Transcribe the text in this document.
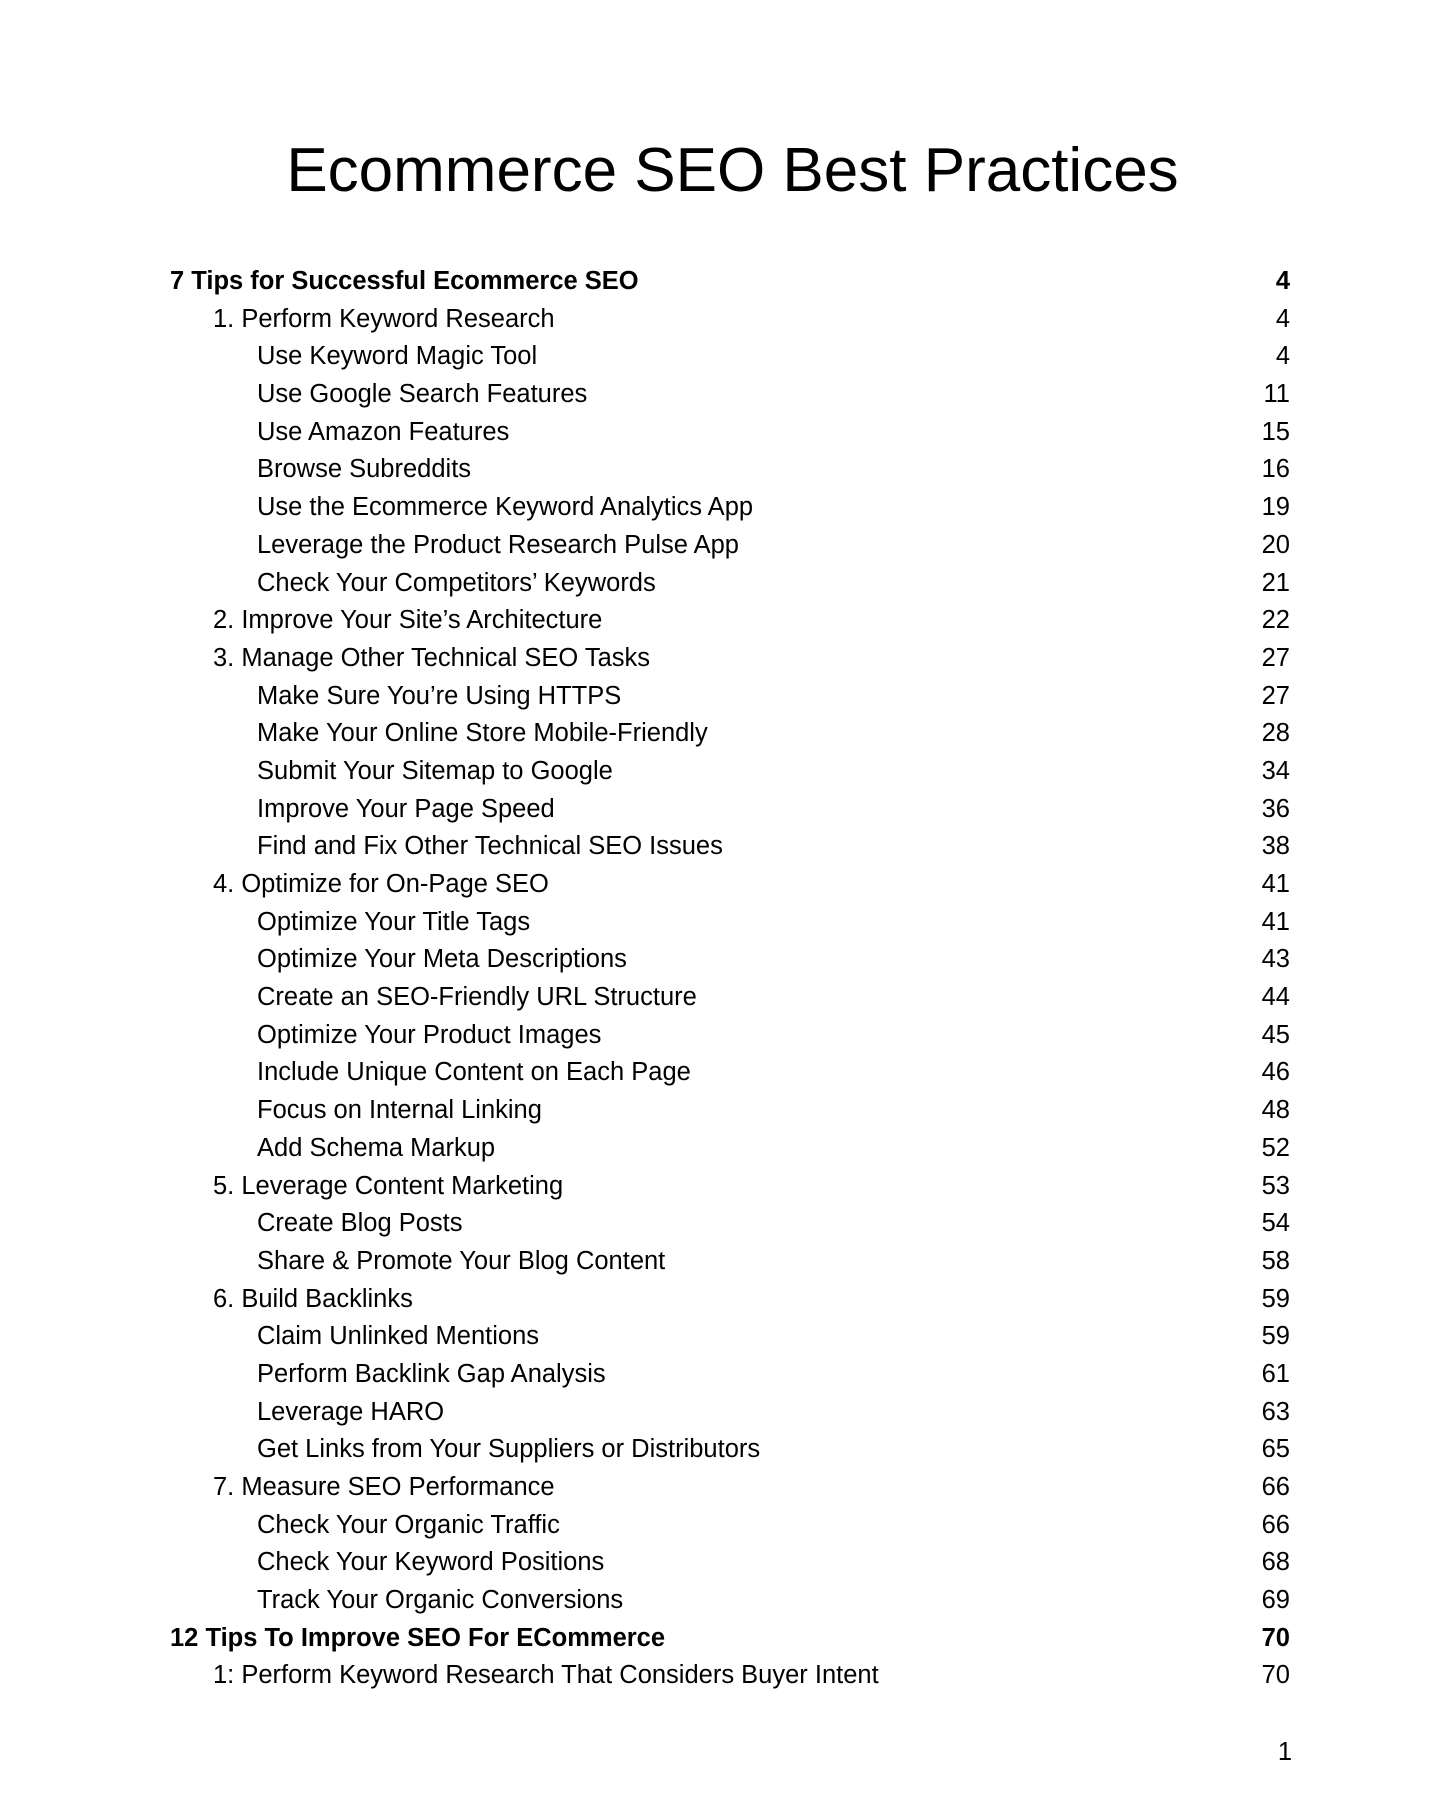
Ecommerce SEO Best Practices
7 Tips for Successful Ecommerce SEO	4
1. Perform Keyword Research	4
Use Keyword Magic Tool	4
Use Google Search Features	11
Use Amazon Features	15
Browse Subreddits	16
Use the Ecommerce Keyword Analytics App	19
Leverage the Product Research Pulse App	20
Check Your Competitors’ Keywords	21
2. Improve Your Site’s Architecture	22
3. Manage Other Technical SEO Tasks	27
Make Sure You’re Using HTTPS	27
Make Your Online Store Mobile-Friendly	28
Submit Your Sitemap to Google	34
Improve Your Page Speed	36
Find and Fix Other Technical SEO Issues	38
4. Optimize for On-Page SEO	41
Optimize Your Title Tags	41
Optimize Your Meta Descriptions	43
Create an SEO-Friendly URL Structure	44
Optimize Your Product Images	45
Include Unique Content on Each Page	46
Focus on Internal Linking	48
Add Schema Markup	52
5. Leverage Content Marketing	53
Create Blog Posts	54
Share & Promote Your Blog Content	58
6. Build Backlinks	59
Claim Unlinked Mentions	59
Perform Backlink Gap Analysis	61
Leverage HARO	63
Get Links from Your Suppliers or Distributors	65
7. Measure SEO Performance	66
Check Your Organic Traffic	66
Check Your Keyword Positions	68
Track Your Organic Conversions	69
12 Tips To Improve SEO For ECommerce	70
1: Perform Keyword Research That Considers Buyer Intent	70
1
